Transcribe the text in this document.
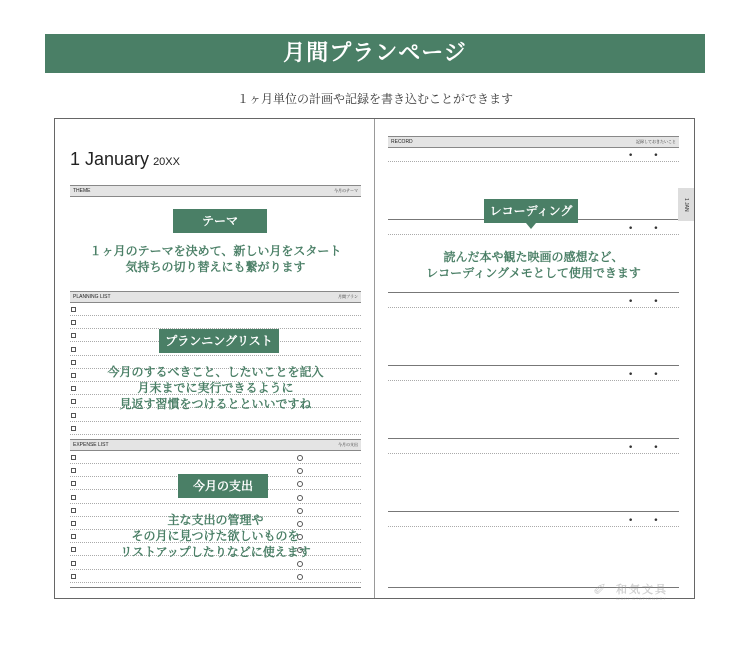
月間プランページ
１ヶ月単位の計画や記録を書き込むことができます
1 January 20XX
THEME	今月のテーマ
PLANNING LIST	月間プラン
EXPENSE LIST	今月の支出
テーマ
１ヶ月のテーマを決めて、新しい月をスタート
気持ちの切り替えにも繋がります
プランニングリスト
今月のするべきこと、したいことを記入
月末までに実行できるように
見返す習慣をつけるとといいですね
今月の支出
主な支出の管理や
その月に見つけた欲しいものを
リストアップしたりなどに使えます
RECORD	記録しておきたいこと
••
••
••
••
••
••
レコーディング
読んだ本や観た映画の感想など、
レコーディングメモとして使用できます
1 JAN
✐ 和気文具
WAKI STATIONERY
